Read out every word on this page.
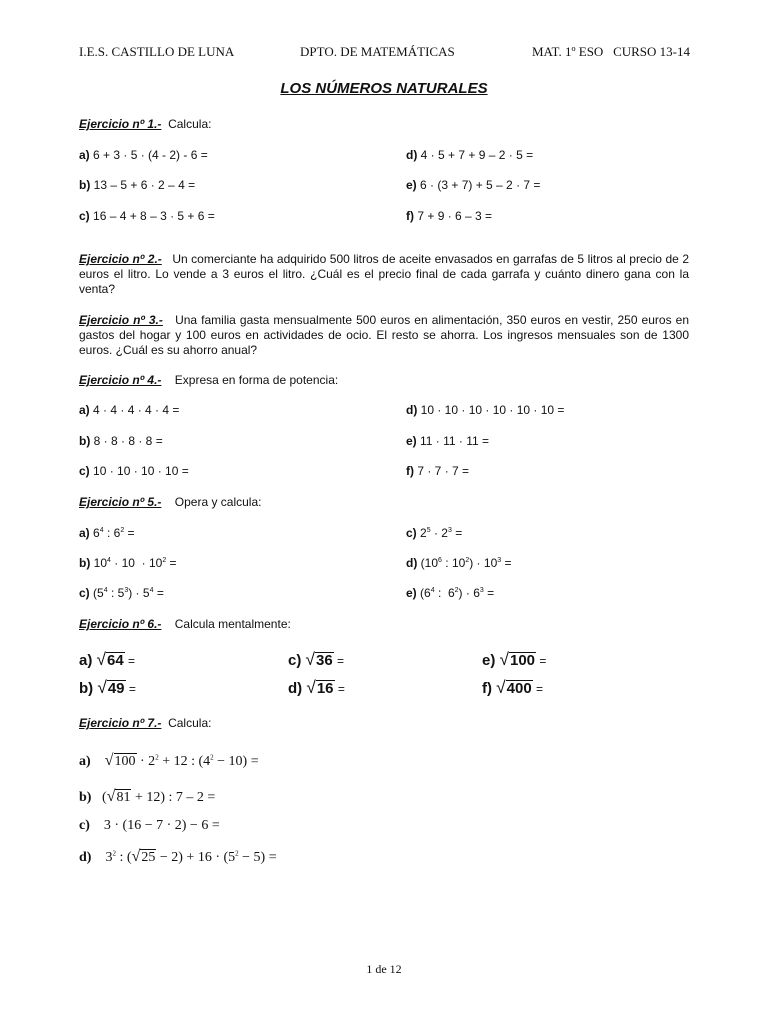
I.E.S. CASTILLO DE LUNA	DPTO. DE MATEMÁTICAS	MAT. 1º ESO   CURSO 13-14
LOS NÚMEROS NATURALES
Ejercicio nº 1.- Calcula:
a) 6 + 3 · 5 · (4 - 2) - 6 =
b) 13 – 5 + 6 · 2 – 4 =
c) 16 – 4 + 8 – 3 · 5 + 6 =
d) 4 · 5 + 7 + 9 – 2 · 5 =
e) 6 · (3 + 7) + 5 – 2 · 7 =
f) 7 + 9 · 6 – 3 =
Ejercicio nº 2.- Un comerciante ha adquirido 500 litros de aceite envasados en garrafas de 5 litros al precio de 2 euros el litro. Lo vende a 3 euros el litro. ¿Cuál es el precio final de cada garrafa y cuánto dinero gana con la venta?
Ejercicio nº 3.- Una familia gasta mensualmente 500 euros en alimentación, 350 euros en vestir, 250 euros en gastos del hogar y 100 euros en actividades de ocio. El resto se ahorra. Los ingresos mensuales son de 1300 euros. ¿Cuál es su ahorro anual?
Ejercicio nº 4.- Expresa en forma de potencia:
a) 4 · 4 · 4 · 4 · 4 =
b) 8 · 8 · 8 · 8 =
c) 10 · 10 · 10 · 10 =
d) 10 · 10 · 10 · 10 · 10 · 10 =
e) 11 · 11 · 11 =
f) 7 · 7 · 7 =
Ejercicio nº 5.- Opera y calcula:
a) $6^4$ : $6^2$ =
b) $10^4 \cdot 10 \cdot 10^2$ =
c) ($5^4$ : $5^3) \cdot 5^4$ =
c) $2^5 \cdot 2^3$ =
d) ($10^6$ : $10^2) \cdot 10^3$ =
e) ($6^4$ :  $6^2) \cdot 6^3$ =
Ejercicio nº 6.- Calcula mentalmente:
a) √64 =
b) √49 =
c) √36 =
d) √16 =
e) √100 =
f) √400 =
Ejercicio nº 7.- Calcula:
a) $√100 \cdot 2^2 + 12$ : $(4^2 - 10)$ =
b) (√81 + 12) : 7 – 2 =
c) 3 · (16 − 7 · 2) − 6 =
d) $3^2$ : $(√25 - 2) + 16 \cdot (5^2 - 5)$ =
1 de 12
